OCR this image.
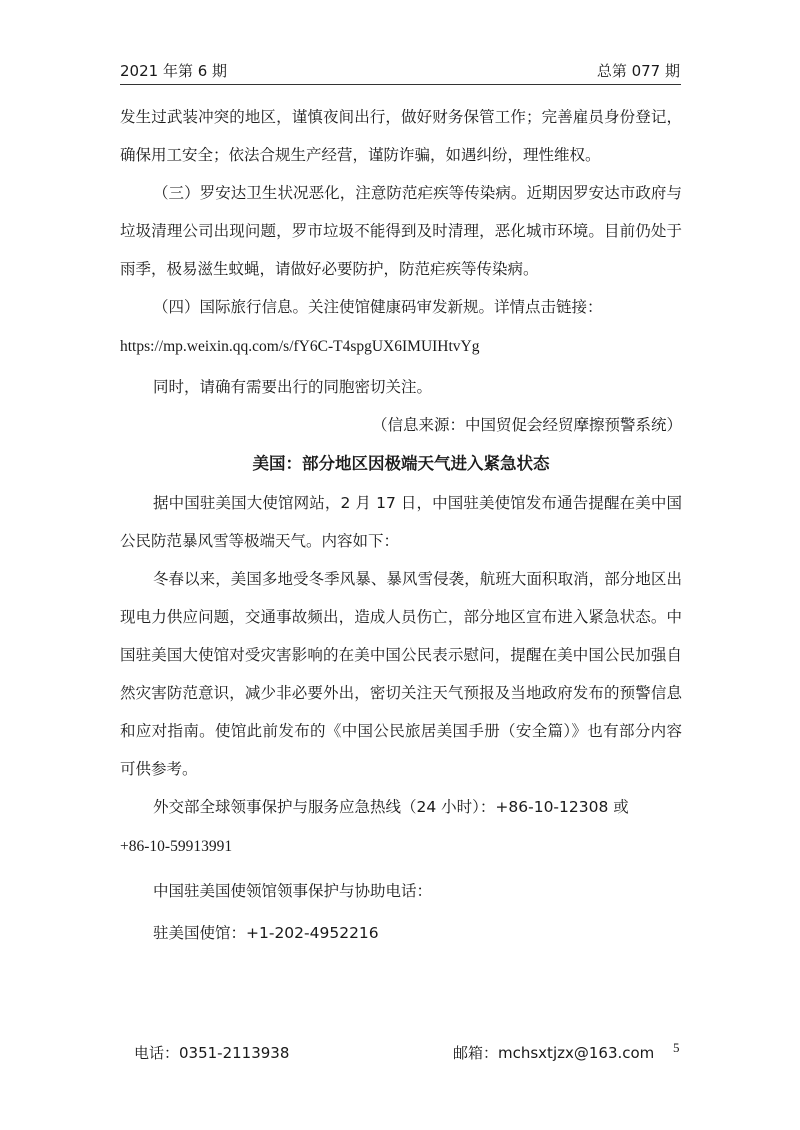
2021 年第 6 期	总第 077 期

发生过武装冲突的地区，谨慎夜间出行，做好财务保管工作；完善雇员身份登记，确保用工安全；依法合规生产经营，谨防诈骗，如遇纠纷，理性维权。

（三）罗安达卫生状况恶化，注意防范疟疾等传染病。近期因罗安达市政府与垃圾清理公司出现问题，罗市垃圾不能得到及时清理，恶化城市环境。目前仍处于雨季，极易滋生蚊蝇，请做好必要防护，防范疟疾等传染病。

（四）国际旅行信息。关注使馆健康码审发新规。详情点击链接：

https://mp.weixin.qq.com/s/fY6C-T4spgUX6IMUIHtvYg

同时，请确有需要出行的同胞密切关注。

（信息来源：中国贸促会经贸摩擦预警系统）

美国：部分地区因极端天气进入紧急状态

据中国驻美国大使馆网站，2 月 17 日，中国驻美使馆发布通告提醒在美中国公民防范暴风雪等极端天气。内容如下：

冬春以来，美国多地受冬季风暴、暴风雪侵袭，航班大面积取消，部分地区出现电力供应问题，交通事故频出，造成人员伤亡，部分地区宣布进入紧急状态。中国驻美国大使馆对受灾害影响的在美中国公民表示慰问，提醒在美中国公民加强自然灾害防范意识，减少非必要外出，密切关注天气预报及当地政府发布的预警信息和应对指南。使馆此前发布的《中国公民旅居美国手册（安全篇）》也有部分内容可供参考。

外交部全球领事保护与服务应急热线（24 小时）：+86-10-12308 或

+86-10-59913991

中国驻美国使领馆领事保护与协助电话：

驻美国使馆：+1-202-4952216

电话：0351-2113938	邮箱：mchsxtjzx@163.com 5
